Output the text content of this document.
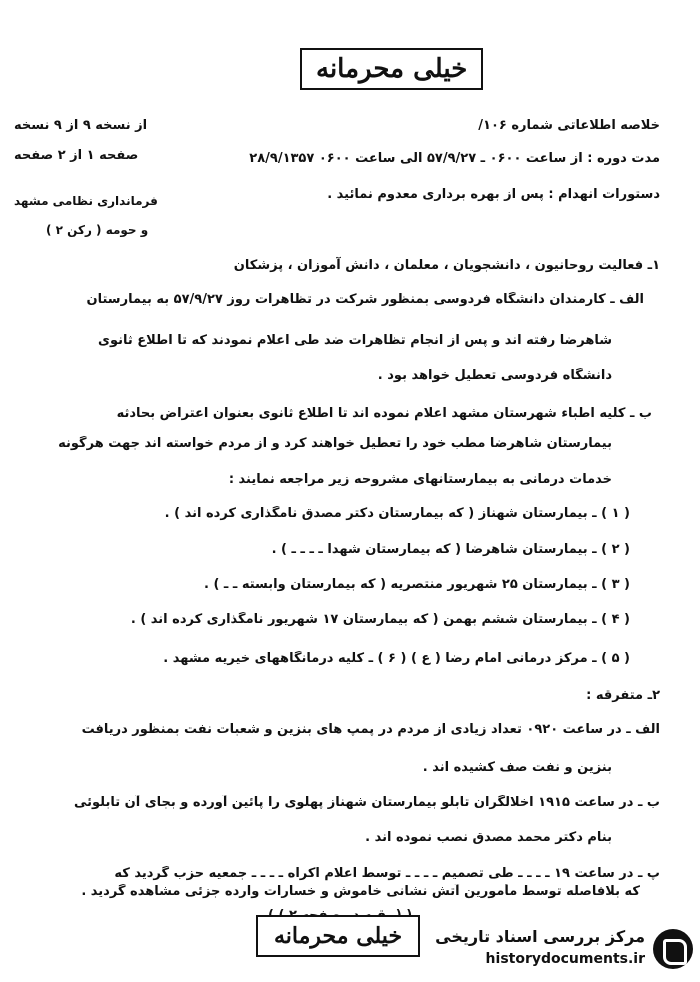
خیلی محرمانه
از نسخه ۹ از ۹ نسخه
صفحه ۱ از ۲ صفحه
فرمانداری نظامی مشهد
و حومه ( رکن ۲ )
خلاصه اطلاعاتی شماره ۱۰۶/
مدت دوره : از ساعت ۰۶۰۰ ـ ۵۷/۹/۲۷ الی ساعت ۰۶۰۰ ۲۸/۹/۱۳۵۷
دستورات انهدام : پس از بهره برداری معدوم نمائید .
۱ـ فعالیت روحانیون ، دانشجویان ، معلمان ، دانش آموزان ، پزشکان
الف ـ کارمندان دانشگاه فردوسی بمنظور شرکت در تظاهرات روز ۵۷/۹/۲۷ به بیمارستان
شاهرضا رفته اند و پس از انجام تظاهرات ضد طی اعلام نمودند که تا اطلاع ثانوی
دانشگاه فردوسی تعطیل خواهد بود .
ب ـ کلیه اطباء شهرستان مشهد اعلام نموده اند تا اطلاع ثانوی بعنوان اعتراض بحادثه
بیمارستان شاهرضا مطب خود را تعطیل خواهند کرد و از مردم خواسته اند جهت هرگونه
خدمات درمانی به بیمارستانهای مشروحه زیر مراجعه نمایند :
( ۱ ) ـ بیمارستان شهناز ( که بیمارستان دکتر مصدق نامگذاری کرده اند ) .
( ۲ ) ـ بیمارستان شاهرضا ( که بیمارستان شهدا ـ ـ ـ ـ ) .
( ۳ ) ـ بیمارستان ۲۵ شهریور منتصریه ( که بیمارستان وابسته ـ ـ ) .
( ۴ ) ـ بیمارستان ششم بهمن ( که بیمارستان ۱۷ شهریور نامگذاری کرده اند ) .
( ۵ ) ـ مرکز درمانی امام رضا ( ع ) ( ۶ ) ـ کلیه درمانگاههای خیریه مشهد .
۲ـ متفرقه :
الف ـ در ساعت ۰۹۲۰ تعداد زیادی از مردم در پمپ های بنزین و شعبات نفت بمنظور دریافت
بنزین و نفت صف کشیده اند .
ب ـ در ساعت ۱۹۱۵ اخلالگران تابلو بیمارستان شهناز پهلوی را پائین آورده و بجای آن تابلوئی
بنام دکتر محمد مصدق نصب نموده اند .
پ ـ در ساعت ۱۹ ـ ـ ـ ـ طی تصمیم ـ ـ ـ ـ توسط اعلام اکراه ـ ـ ـ ـ جمعیه حزب گردید که
که بلافاصله توسط مأمورین آتش نشانی خاموش و خسارات وارده جزئی مشاهده گردید .
خیلی محرمانه	مرکز بررسی اسناد تاریخی
historydocuments.ir
